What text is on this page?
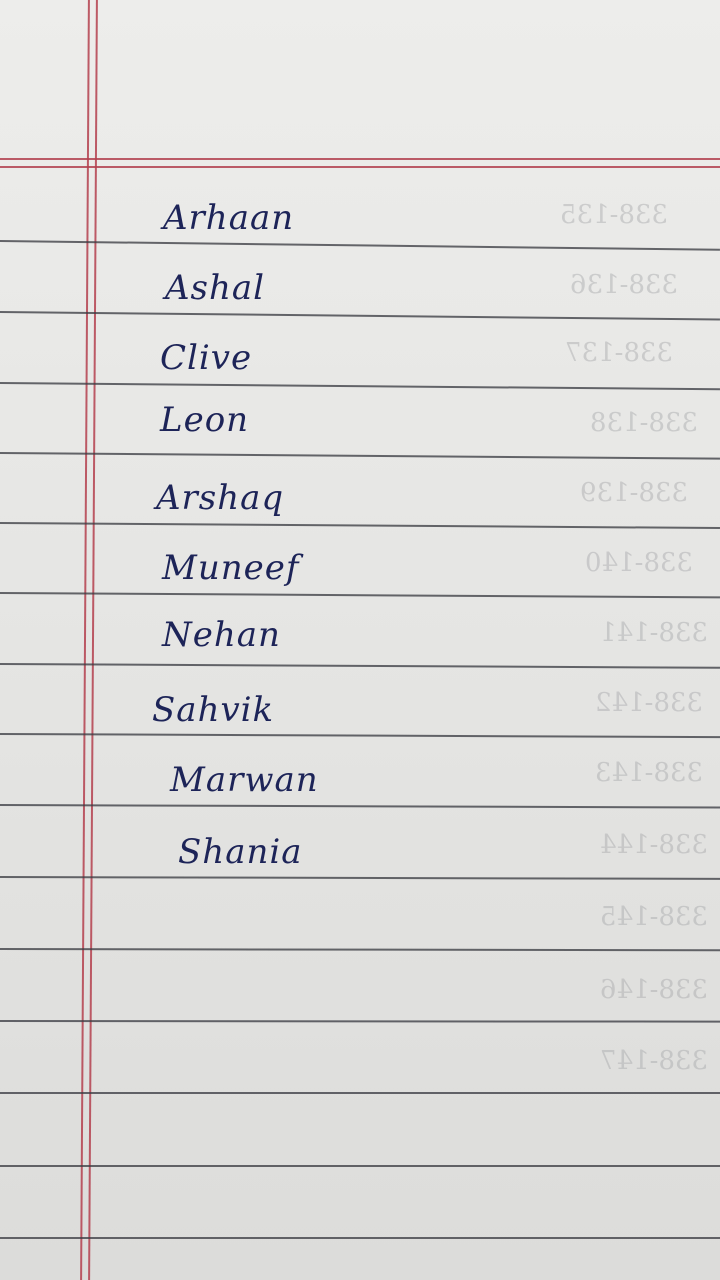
338-135
338-136
338-137
338-138
338-139
338-140
338-141
338-142
338-143
338-144
338-145
338-146
338-147
Arhaan
Ashal
Clive
Leon
Arshaq
Muneef
Nehan
Sahvik
Marwan
Shania
